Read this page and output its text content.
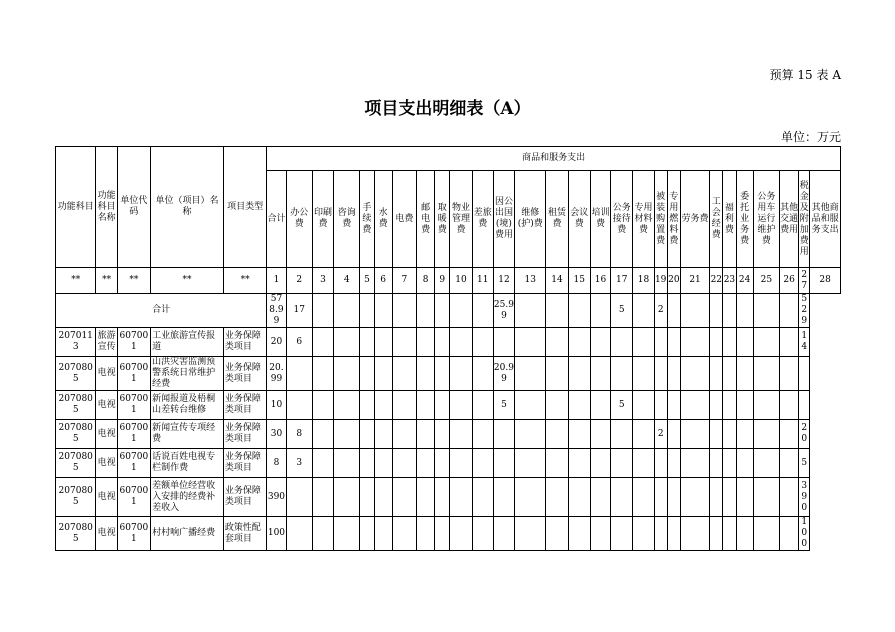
预算 15 表 A
项目支出明细表（A）
单位：万元
功能科目	功能科目名称	单位代码	单位（项目）名称	项目类型	商品和服务支出																											
					合计	办公费	印刷费	咨询费	手续费	水费	电费	邮电费	取暖费	物业管理费	差旅费	因公出国(境)费用	维修(护)费	租赁费	会议费	培训费	公务接待费	专用材料费	被装购置费	专用燃料费	劳务费	工会经费	福利费	委托业务费	公务用车运行维护费	其他交通费用	税金及附加费用	其他商品和服务支出
**	**	**	**	**	1	2	3	4	5	6	7	8	9	10	11	12	13	14	15	16	17	18	19	20	21	22	23	24	25	26	27	28
合计					578.99	17										25.99					5		2								529	
2070113	旅游宣传	607001	工业旅游宣传报道	业务保障类项目	20	6																									14	
2070805	电视	607001	山洪灾害监测预警系统日常维护经费	业务保障类项目	20.99											20.99																
2070805	电视	607001	新闻报道及梧桐山差转台维修	业务保障类项目	10											5					5											
2070805	电视	607001	新闻宣传专项经费	业务保障类项目	30	8																	2								20	
2070805	电视	607001	话说百姓电视专栏制作费	业务保障类项目	8	3																									5	
2070805	电视	607001	差额单位经营收入安排的经费补差收入	业务保障类项目	390																										390	
2070805	电视	607001	村村响广播经费	政策性配套项目	100																										100	
